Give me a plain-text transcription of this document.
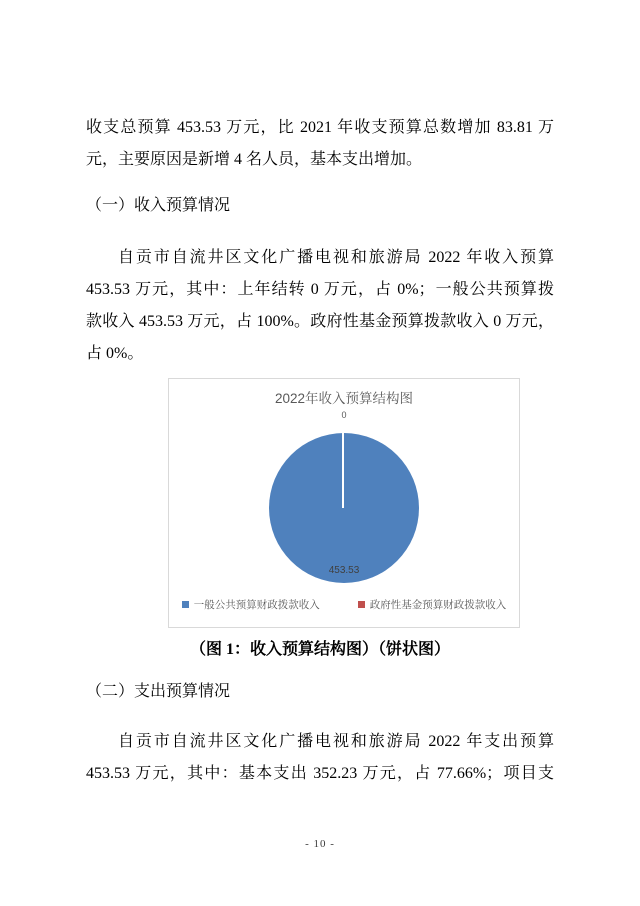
收支总预算 453.53 万元，比 2021 年收支预算总数增加 83.81 万
元，主要原因是新增 4 名人员，基本支出增加。
（一）收入预算情况
自贡市自流井区文化广播电视和旅游局 2022 年收入预算
453.53 万元，其中：上年结转 0 万元，占 0%；一般公共预算拨
款收入 453.53 万元，占 100%。政府性基金预算拨款收入 0 万元，
占 0%。
2022年收入预算结构图
0
453.53
一般公共预算财政拨款收入	政府性基金预算财政拨款收入
（图 1：收入预算结构图）（饼状图）
（二）支出预算情况
自贡市自流井区文化广播电视和旅游局 2022 年支出预算
453.53 万元，其中：基本支出 352.23 万元，占 77.66%；项目支
- 10 -
